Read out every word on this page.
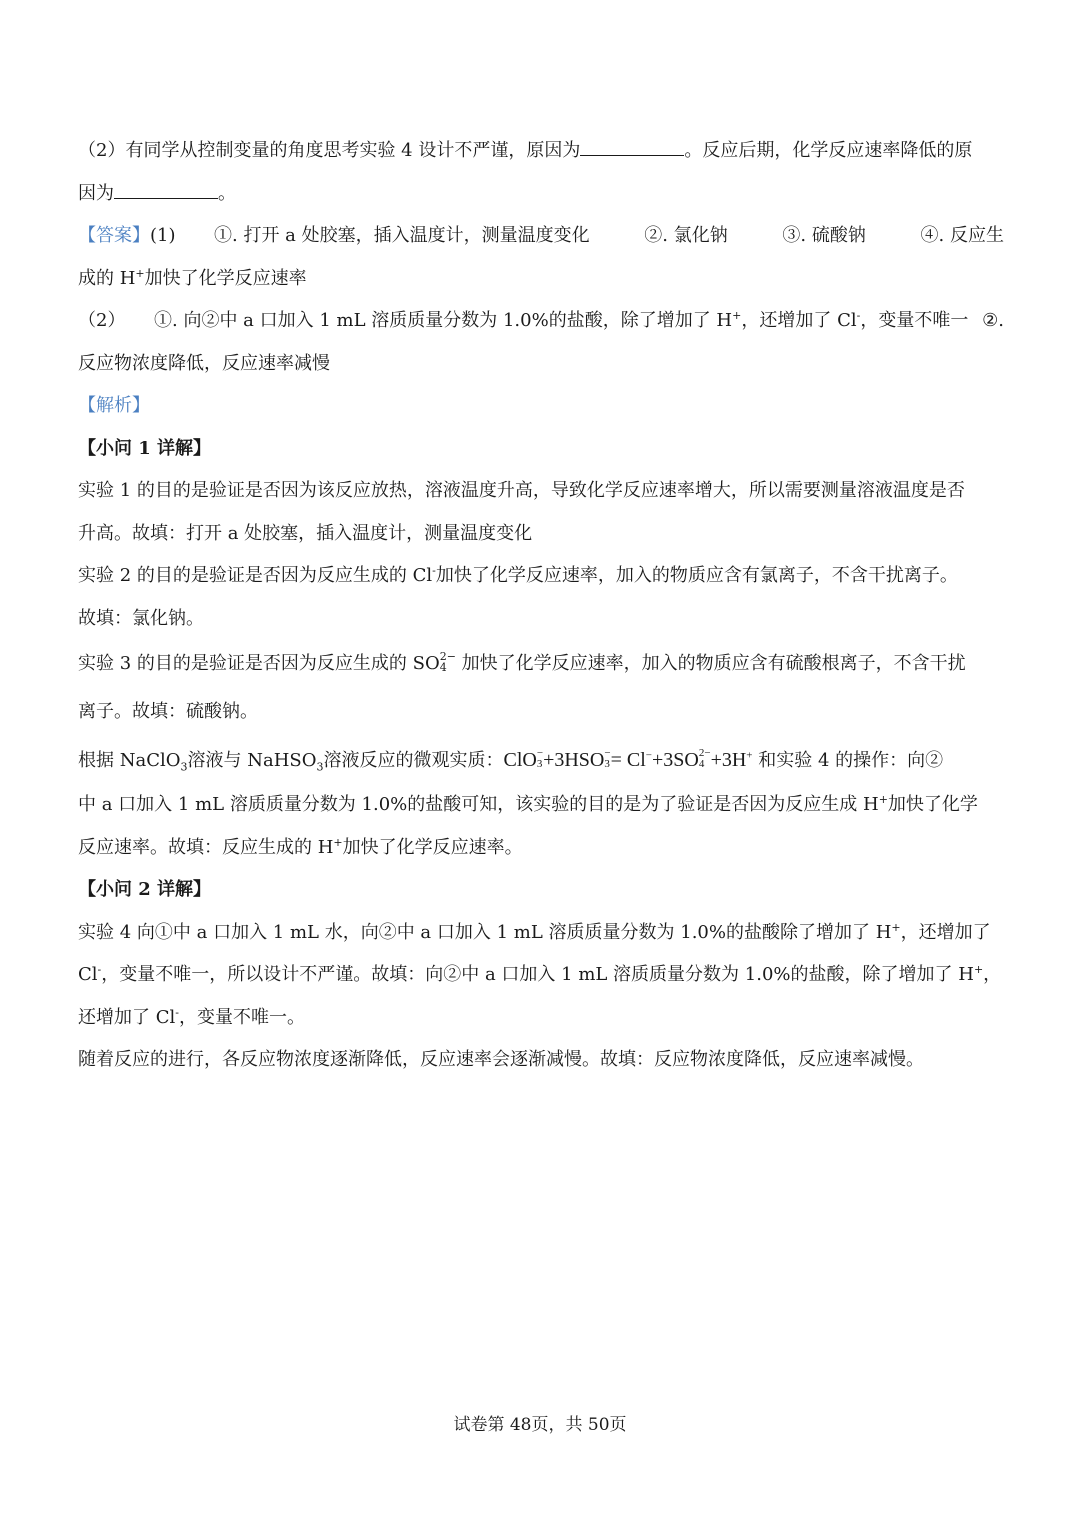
（2）有同学从控制变量的角度思考实验 4 设计不严谨，原因为	。反应后期，化学反应速率降低的原
因为	。
【答案】 (1)	①. 打开 a 处胶塞，插入温度计，测量温度变化	②. 氯化钠	③. 硫酸钠	④. 反应生
成的 H+加快了化学反应速率
（2）	①. 向②中 a 口加入 1 mL 溶质质量分数为 1.0%的盐酸，除了增加了 H+，还增加了 Cl-，变量不唯一 ②.
反应物浓度降低，反应速率减慢
【解析】
【小问 1 详解】
实验 1 的目的是验证是否因为该反应放热，溶液温度升高，导致化学反应速率增大，所以需要测量溶液温度是否
升高。故填：打开 a 处胶塞，插入温度计，测量温度变化
实验 2 的目的是验证是否因为反应生成的 Cl-加快了化学反应速率，加入的物质应含有氯离子，不含干扰离子。
故填：氯化钠。
实验 3 的目的是验证是否因为反应生成的 SO 2−
4 加快了化学反应速率，加入的物质应含有硫酸根离子，不含干扰
离子。故填：硫酸钠。
根据 NaClO$_3$溶液与 NaHSO$_3$溶液反应的微观实质：ClO −
3 +3HSO −
3 = Cl−+3SO 2−
4 +3H+ 和实验 4 的操作：向②
中 a 口加入 1 mL 溶质质量分数为 1.0%的盐酸可知，该实验的目的是为了验证是否因为反应生成 H+加快了化学
反应速率。故填：反应生成的 H+加快了化学反应速率。
【小问 2 详解】
实验 4 向①中 a 口加入 1 mL 水，向②中 a 口加入 1 mL 溶质质量分数为 1.0%的盐酸除了增加了 H+，还增加了
Cl-，变量不唯一，所以设计不严谨。故填：向②中 a 口加入 1 mL 溶质质量分数为 1.0%的盐酸，除了增加了 H+，
还增加了 Cl-，变量不唯一。
随着反应的进行，各反应物浓度逐渐降低，反应速率会逐渐减慢。故填：反应物浓度降低，反应速率减慢。
试卷第 48页，共 50页
